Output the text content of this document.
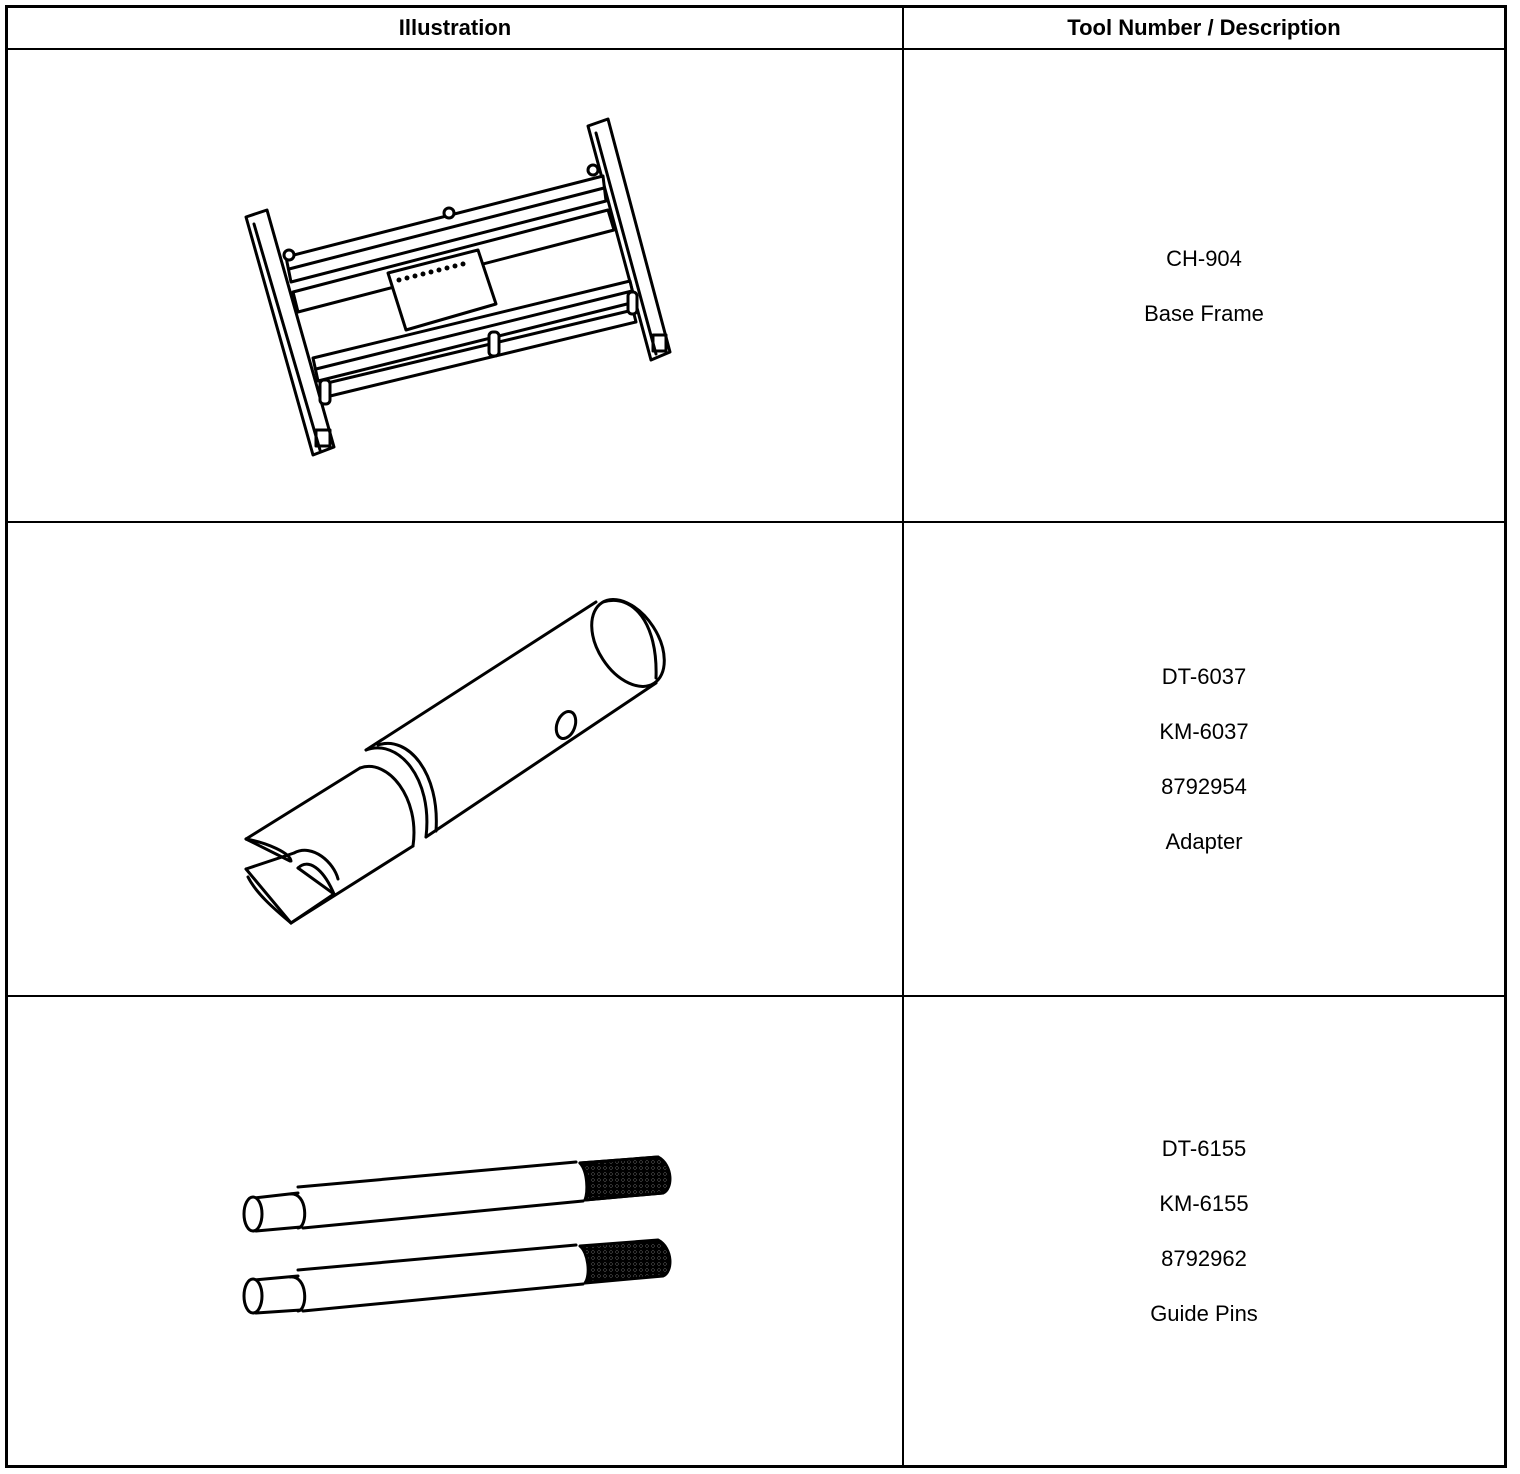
Illustration	Tool Number / Description
CH-904
Base Frame
DT-6037
KM-6037
8792954
Adapter
DT-6155
KM-6155
8792962
Guide Pins
